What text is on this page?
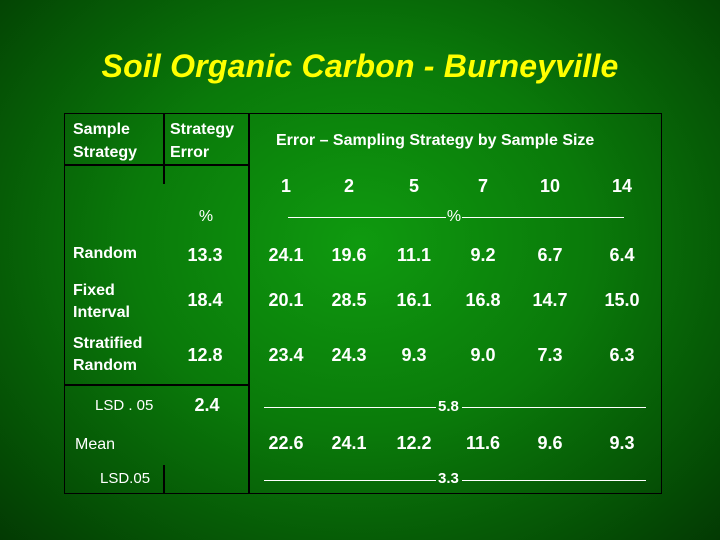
Soil Organic Carbon - Burneyville
Sample
Strategy
Strategy
Error
Error – Sampling Strategy by Sample Size
1	2	5	7	10	14
%	%
Random	13.3	24.1 19.6 11.1 9.2 6.7	6.4
Fixed
Interval
18.4	20.1 28.5 16.1 16.8 14.7 15.0
Stratified
Random
12.8	23.4 24.3 9.3 9.0 7.3	6.3
LSD . 05 2.4	5.8
Mean	22.6 24.1 12.2 11.6 9.6	9.3
LSD.05	3.3
